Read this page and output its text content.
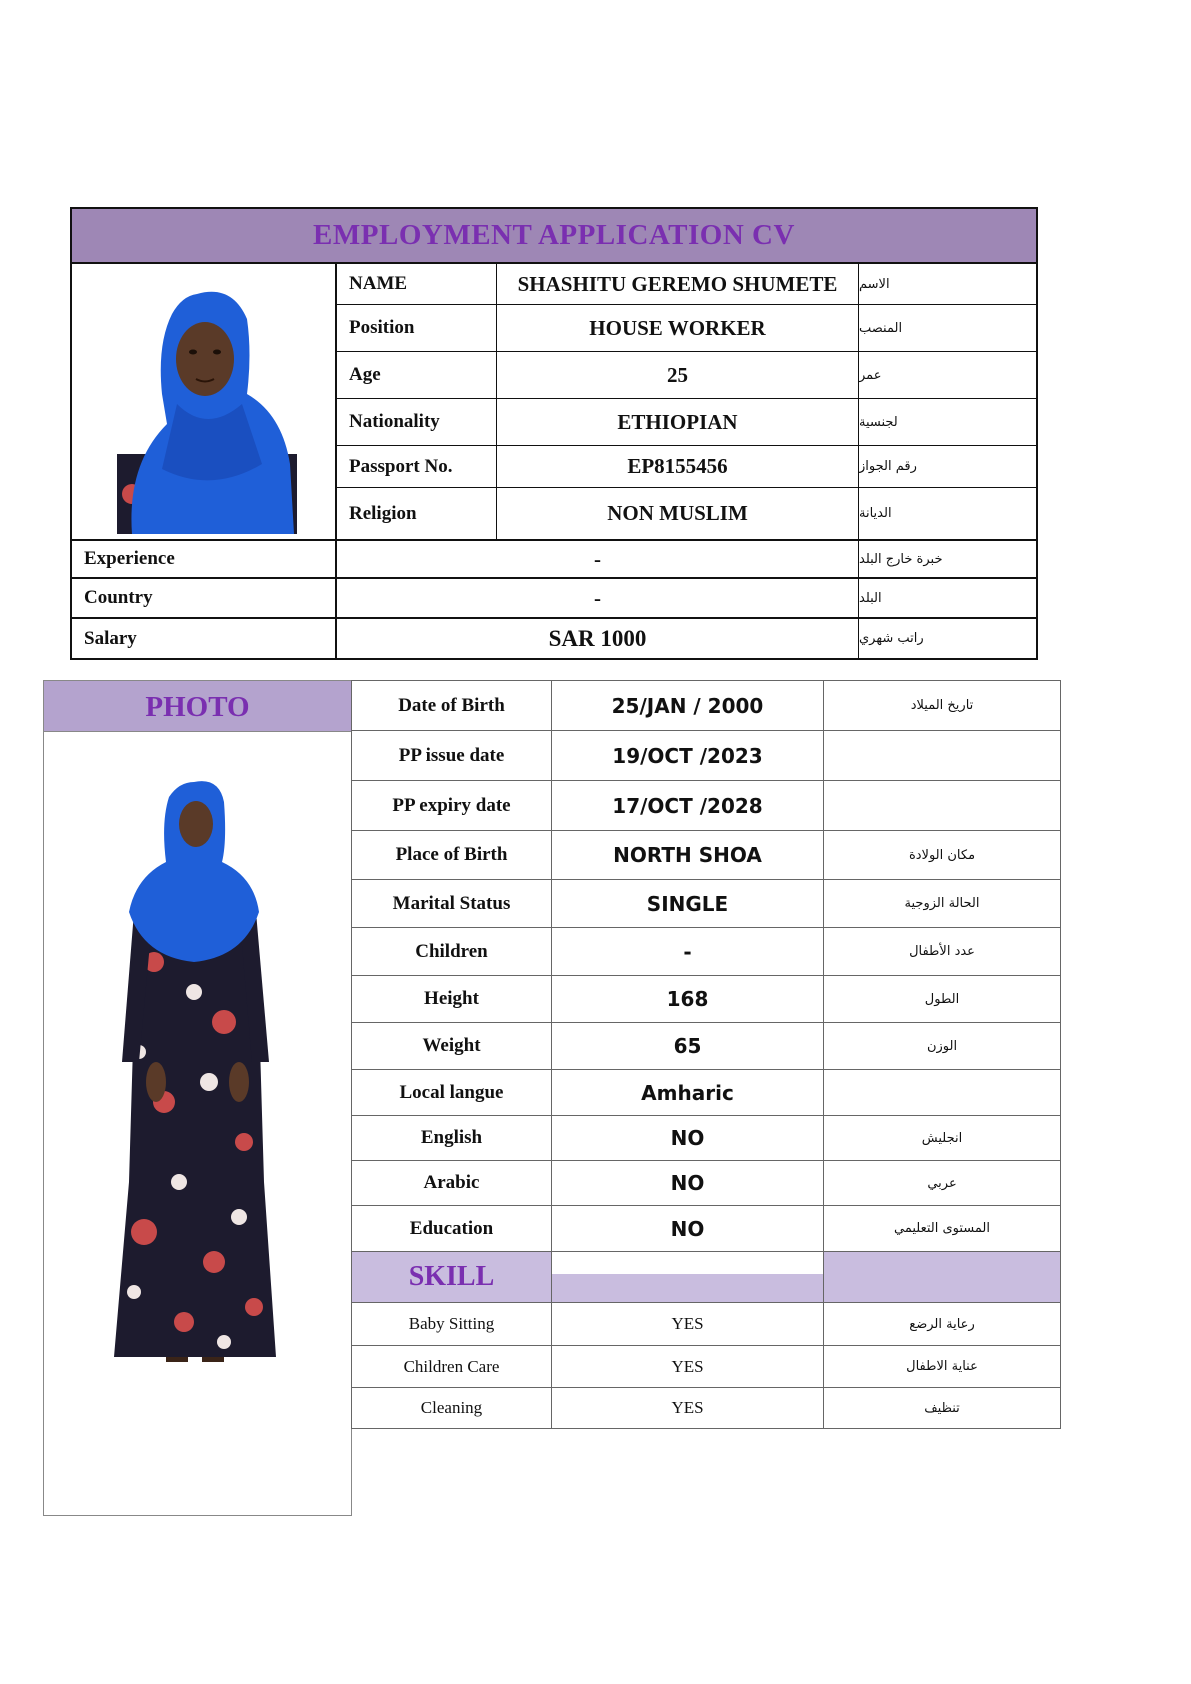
EMPLOYMENT APPLICATION CV
NAME	SHASHITU GEREMO SHUMETE	الاسم
Position	HOUSE WORKER	المنصب
Age	25	عمر
Nationality	ETHIOPIAN	لجنسية
Passport No.	EP8155456	رقم الجواز
Religion	NON MUSLIM	الديانة
Experience	-	خبرة خارج البلد
Country	-	البلد
Salary	SAR 1000	راتب شهري
PHOTO	Date of Birth	25/JAN / 2000	تاريخ الميلاد
PP issue date	19/OCT /2023
PP expiry date	17/OCT /2028
Place of Birth	NORTH SHOA	مكان الولادة
Marital Status	SINGLE	الحالة الزوجية
Children	-	عدد الأطفال
Height	168	الطول
Weight	65	الوزن
Local langue	Amharic
English	NO	انجليش
Arabic	NO	عربي
Education	NO	المستوى التعليمي
SKILL
Baby Sitting	YES	رعاية الرضع
Children Care	YES	عناية الاطفال
Cleaning	YES	تنظيف
